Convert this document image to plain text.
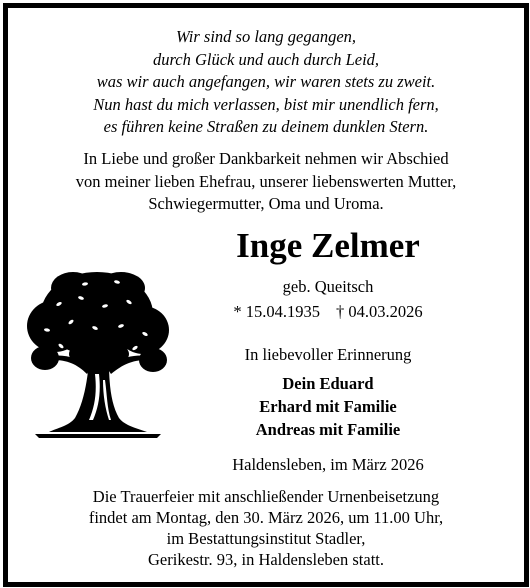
Wir sind so lang gegangen,
durch Glück und auch durch Leid,
was wir auch angefangen, wir waren stets zu zweit.
Nun hast du mich verlassen, bist mir unendlich fern,
es führen keine Straßen zu deinem dunklen Stern.
In Liebe und großer Dankbarkeit nehmen wir Abschied
von meiner lieben Ehefrau, unserer liebenswerten Mutter,
Schwiegermutter, Oma und Uroma.
Inge Zelmer
geb. Queitsch
* 15.04.1935 † 04.03.2026
In liebevoller Erinnerung
Dein Eduard
Erhard mit Familie
Andreas mit Familie
Haldensleben, im März 2026
Die Trauerfeier mit anschließender Urnenbeisetzung
findet am Montag, den 30. März 2026, um 11.00 Uhr,
im Bestattungsinstitut Stadler,
Gerikestr. 93, in Haldensleben statt.
